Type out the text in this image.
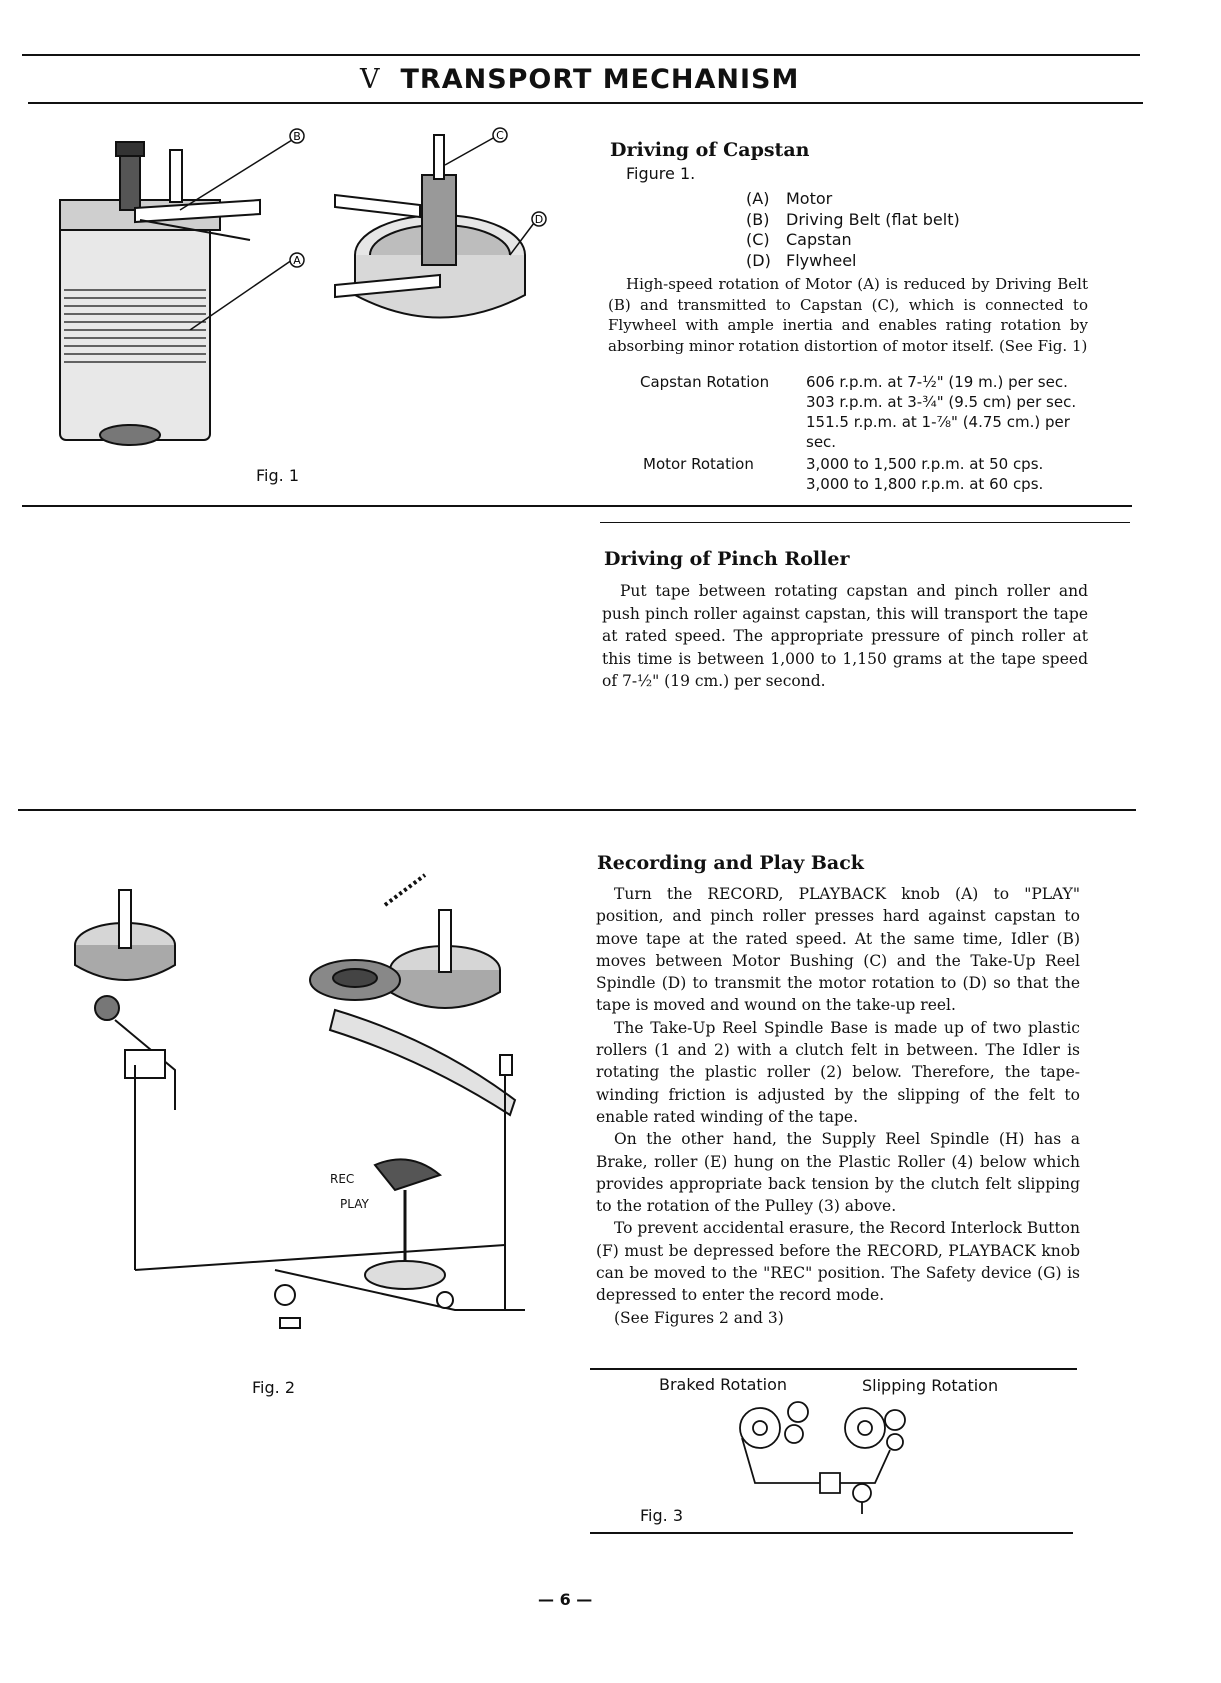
V TRANSPORT MECHANISM
B
A
C
D
Fig. 1
Driving of Capstan
Figure 1.
(A) Motor
(B) Driving Belt (flat belt)
(C) Capstan
(D) Flywheel

High-speed rotation of Motor (A) is reduced by Driving Belt (B) and transmitted to Capstan (C), which is connected to Flywheel with ample inertia and enables rating rotation by absorbing minor rotation distortion of motor itself. (See Fig. 1)

Capstan Rotation 606 r.p.m. at 7-½" (19 m.) per sec.
303 r.p.m. at 3-¾" (9.5 cm) per sec.
151.5 r.p.m. at 1-⅞" (4.75 cm.) per
sec.
Motor Rotation	3,000 to 1,500 r.p.m. at 50 cps.
3,000 to 1,800 r.p.m. at 60 cps.
Driving of Pinch Roller

Put tape between rotating capstan and pinch roller and push pinch roller against capstan, this will transport the tape at rated speed. The appropriate pressure of pinch roller at this time is between 1,000 to 1,150 grams at the tape speed of 7-½" (19 cm.) per second.

REC
PLAY
Fig. 2
Recording and Play Back

Turn the RECORD, PLAYBACK knob (A) to "PLAY" position, and pinch roller presses hard against capstan to move tape at the rated speed. At the same time, Idler (B) moves between Motor Bushing (C) and the Take-Up Reel Spindle (D) to transmit the motor rotation to (D) so that the tape is moved and wound on the take-up reel.

The Take-Up Reel Spindle Base is made up of two plastic rollers (1 and 2) with a clutch felt in between. The Idler is rotating the plastic roller (2) below. Therefore, the tape-winding friction is adjusted by the slipping of the felt to enable rated winding of the tape.

On the other hand, the Supply Reel Spindle (H) has a Brake, roller (E) hung on the Plastic Roller (4) below which provides appropriate back tension by the clutch felt slipping to the rotation of the Pulley (3) above.

To prevent accidental erasure, the Record Interlock Button (F) must be depressed before the RECORD, PLAYBACK knob can be moved to the "REC" position. The Safety device (G) is depressed to enter the record mode.

(See Figures 2 and 3)

Braked Rotation	Slipping Rotation
Fig. 3
— 6 —
